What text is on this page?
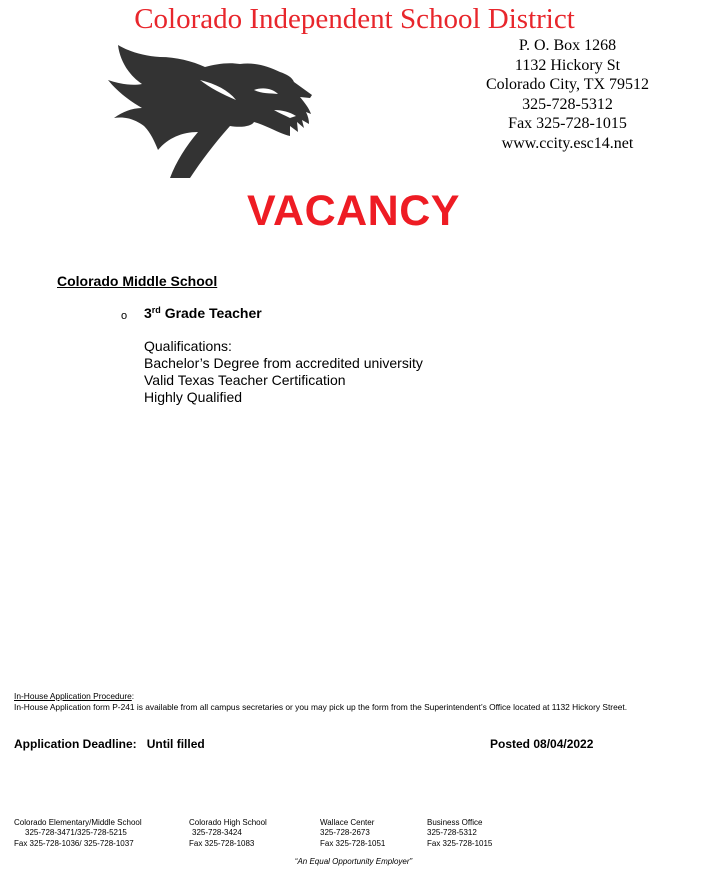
Colorado Independent School District
P. O. Box 1268
1132 Hickory St
Colorado City, TX 79512
325-728-5312
Fax 325-728-1015
www.ccity.esc14.net
VACANCY
Colorado Middle School
o 3rd Grade Teacher
Qualifications:
Bachelor’s Degree from accredited university
Valid Texas Teacher Certification
Highly Qualified
In-House Application Procedure:
In-House Application form P-241 is available from all campus secretaries or you may pick up the form from the Superintendent’s Office located at 1132 Hickory Street.
Application Deadline: Until filled	Posted 08/04/2022
Colorado Elementary/Middle School
325-728-3471/325-728-5215
Fax 325-728-1036/ 325-728-1037
Colorado High School
325-728-3424
Fax 325-728-1083
Wallace Center
325-728-2673
Fax 325-728-1051
Business Office
325-728-5312
Fax 325-728-1015
“An Equal Opportunity Employer”
